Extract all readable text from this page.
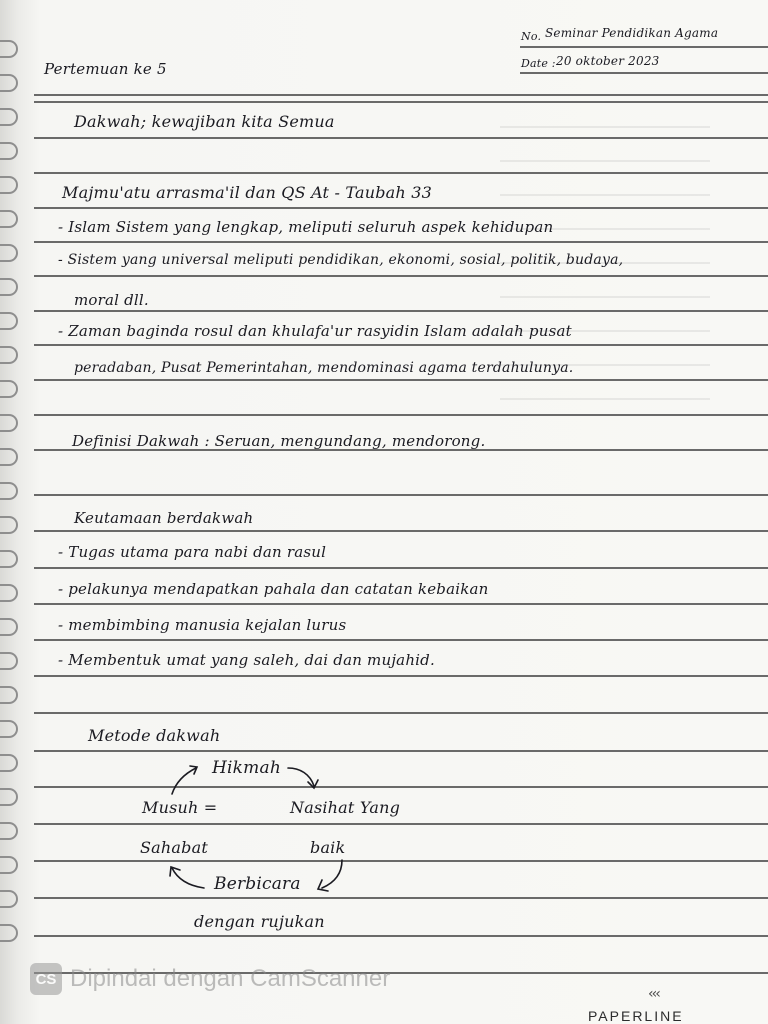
No. Seminar Pendidikan Agama
Date : 20 oktober 2023
Pertemuan ke 5
Dakwah; kewajiban kita Semua
Majmu'atu arrasma'il dan QS At - Taubah 33
- Islam Sistem yang lengkap, meliputi seluruh aspek kehidupan
- Sistem yang universal meliputi pendidikan, ekonomi, sosial, politik, budaya,
moral dll.
- Zaman baginda rosul dan khulafa'ur rasyidin Islam adalah pusat
peradaban, Pusat Pemerintahan, mendominasi agama terdahulunya.
Definisi Dakwah : Seruan, mengundang, mendorong.
Keutamaan berdakwah
- Tugas utama para nabi dan rasul
- pelakunya mendapatkan pahala dan catatan kebaikan
- membimbing manusia kejalan lurus
- Membentuk umat yang saleh, dai dan mujahid.
Metode dakwah
Hikmah
Musuh =	Nasihat Yang
Sahabat	baik
Berbicara
dengan rujukan
CS Dipindai dengan CamScanner
‹‹‹
PAPERLINE
